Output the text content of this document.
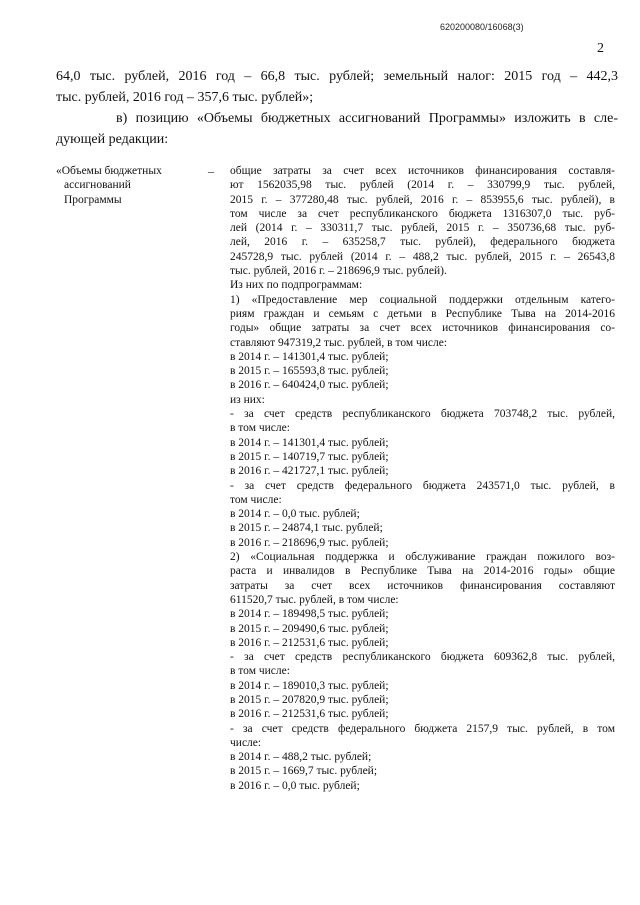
620200080/16068(3)
2

64,0 тыс. рублей, 2016 год – 66,8 тыс. рублей; земельный налог: 2015 год – 442,3

тыс. рублей, 2016 год – 357,6 тыс. рублей»;

в) позицию «Объемы бюджетных ассигнований Программы» изложить в сле-

дующей редакции:

«Объемы бюджетных
ассигнований
Программы
– общие затраты за счет всех источников финансирования составля-
ют 1562035,98 тыс. рублей (2014 г. – 330799,9 тыс. рублей,
2015 г. – 377280,48 тыс. рублей, 2016 г. – 853955,6 тыс. рублей), в
том числе за счет республиканского бюджета 1316307,0 тыс. руб-
лей (2014 г. – 330311,7 тыс. рублей, 2015 г. – 350736,68 тыс. руб-
лей, 2016 г. – 635258,7 тыс. рублей), федерального бюджета
245728,9 тыс. рублей (2014 г. – 488,2 тыс. рублей, 2015 г. – 26543,8
тыс. рублей, 2016 г. – 218696,9 тыс. рублей).
Из них по подпрограммам:
1) «Предоставление мер социальной поддержки отдельным катего-
риям граждан и семьям с детьми в Республике Тыва на 2014-2016
годы» общие затраты за счет всех источников финансирования со-
ставляют 947319,2 тыс. рублей, в том числе:
в 2014 г. – 141301,4 тыс. рублей;
в 2015 г. – 165593,8 тыс. рублей;
в 2016 г. – 640424,0 тыс. рублей;
из них:
- за счет средств республиканского бюджета 703748,2 тыс. рублей,
в том числе:
в 2014 г. – 141301,4 тыс. рублей;
в 2015 г. – 140719,7 тыс. рублей;
в 2016 г. – 421727,1 тыс. рублей;
- за счет средств федерального бюджета 243571,0 тыс. рублей, в
том числе:
в 2014 г. – 0,0 тыс. рублей;
в 2015 г. – 24874,1 тыс. рублей;
в 2016 г. – 218696,9 тыс. рублей;
2) «Социальная поддержка и обслуживание граждан пожилого воз-
раста и инвалидов в Республике Тыва на 2014-2016 годы» общие
затраты за счет всех источников финансирования составляют
611520,7 тыс. рублей, в том числе:
в 2014 г. – 189498,5 тыс. рублей;
в 2015 г. – 209490,6 тыс. рублей;
в 2016 г. – 212531,6 тыс. рублей;
- за счет средств республиканского бюджета 609362,8 тыс. рублей,
в том числе:
в 2014 г. – 189010,3 тыс. рублей;
в 2015 г. – 207820,9 тыс. рублей;
в 2016 г. – 212531,6 тыс. рублей;
- за счет средств федерального бюджета 2157,9 тыс. рублей, в том
числе:
в 2014 г. – 488,2 тыс. рублей;
в 2015 г. – 1669,7 тыс. рублей;
в 2016 г. – 0,0 тыс. рублей;
